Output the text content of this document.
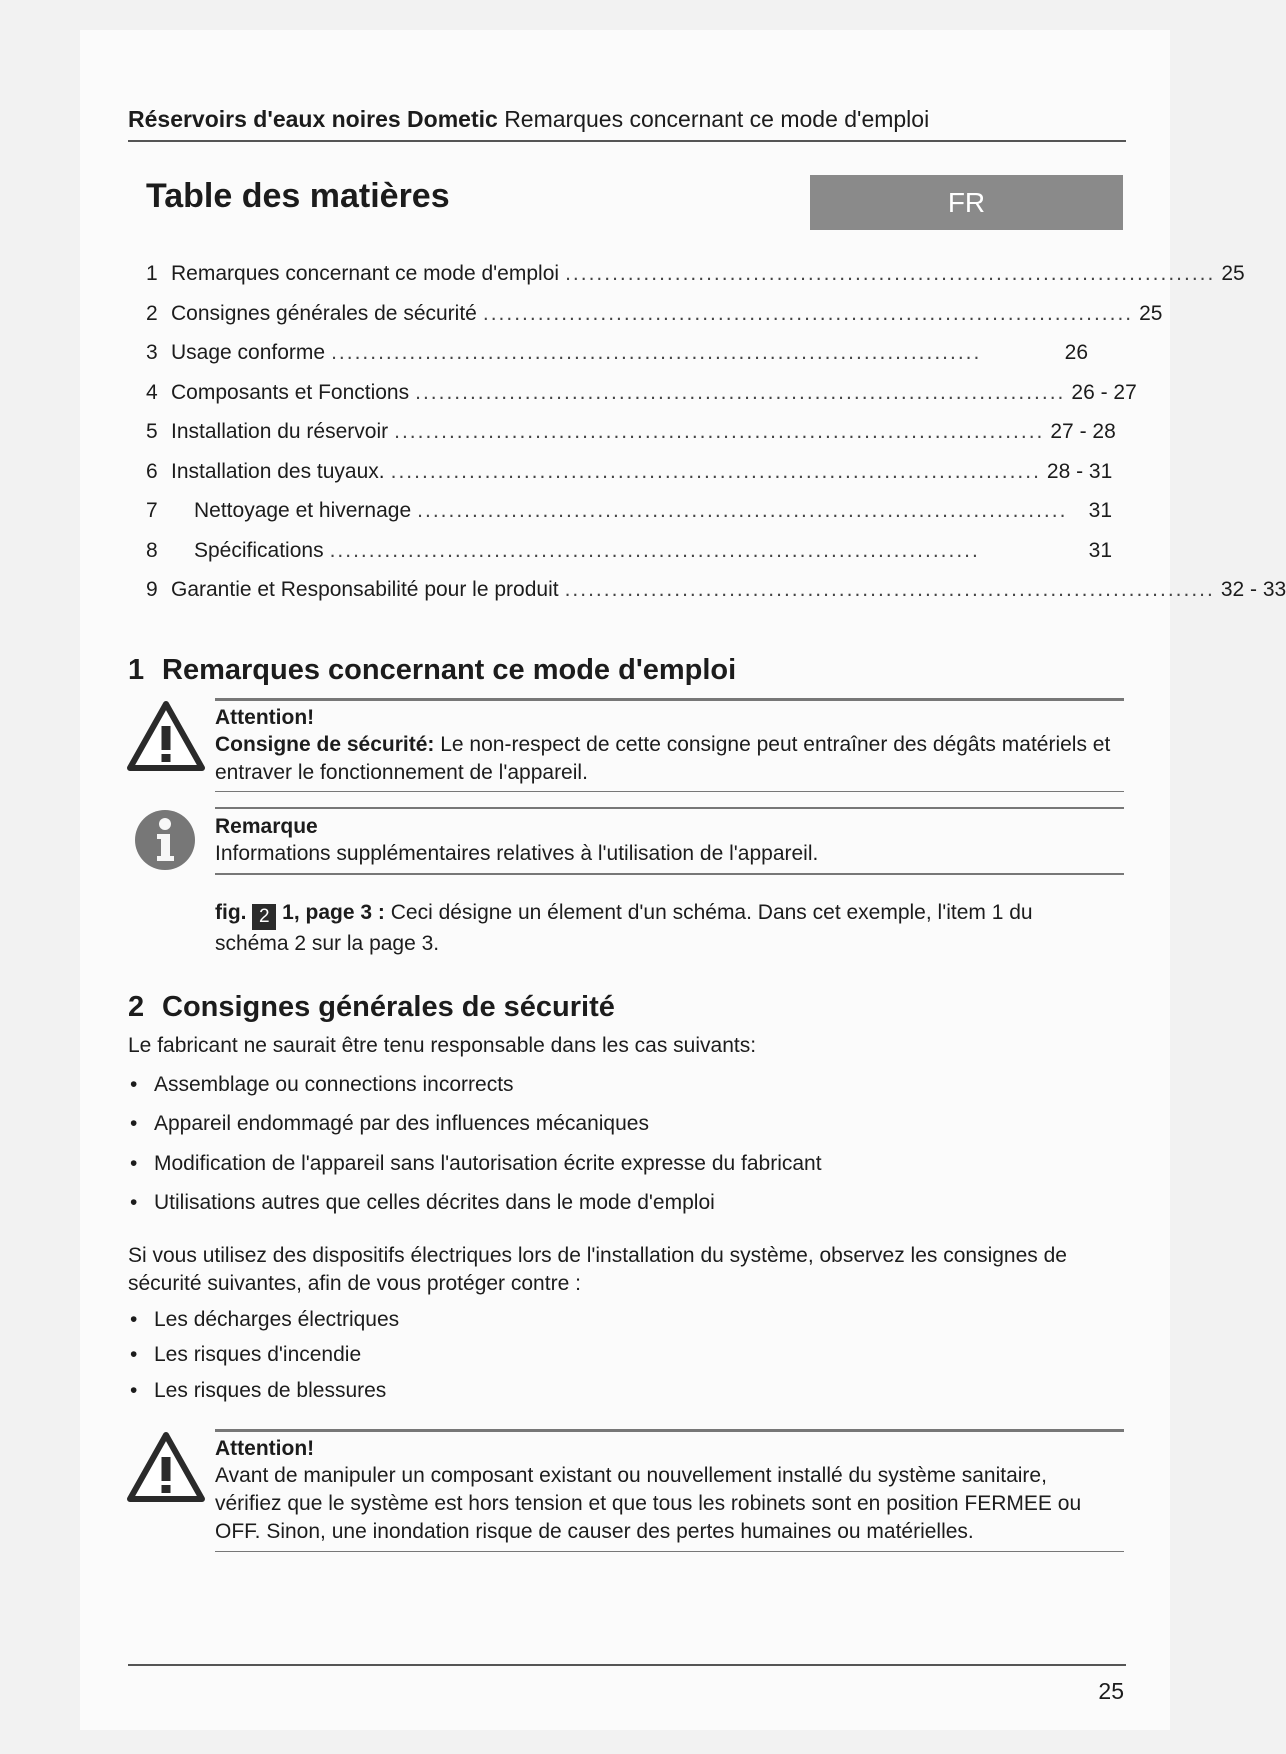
Réservoirs d'eaux noires Dometic Remarques concernant ce mode d'emploi
Table des matières	FR
1 Remarques concernant ce mode d'emploi ................................................................................... 25
2 Consignes générales de sécurité ................................................................................... 25
3 Usage conforme ...................................................................................	26
4 Composants et Fonctions ................................................................................... 26 - 27
5 Installation du réservoir ................................................................................... 27 - 28
6 Installation des tuyaux. ................................................................................... 28 - 31
7	Nettoyage et hivernage ...................................................................................	31
8	Spécifications ...................................................................................	31
9 Garantie et Responsabilité pour le produit ................................................................................... 32 - 33
1 Remarques concernant ce mode d'emploi
Attention!
Consigne de sécurité: Le non-respect de cette consigne peut entraîner des dégâts matériels et entraver le fonctionnement de l'appareil.
Remarque
Informations supplémentaires relatives à l'utilisation de l'appareil.
fig. 2 1, page 3 : Ceci désigne un élement d'un schéma. Dans cet exemple, l'item 1 du schéma 2 sur la page 3.
2 Consignes générales de sécurité
Le fabricant ne saurait être tenu responsable dans les cas suivants:
• Assemblage ou connections incorrects
• Appareil endommagé par des influences mécaniques
• Modification de l'appareil sans l'autorisation écrite expresse du fabricant
• Utilisations autres que celles décrites dans le mode d'emploi
Si vous utilisez des dispositifs électriques lors de l'installation du système, observez les consignes de sécurité suivantes, afin de vous protéger contre :
• Les décharges électriques
• Les risques d'incendie
• Les risques de blessures
Attention!
Avant de manipuler un composant existant ou nouvellement installé du système sanitaire, vérifiez que le système est hors tension et que tous les robinets sont en position FERMEE ou OFF. Sinon, une inondation risque de causer des pertes humaines ou matérielles.
25
